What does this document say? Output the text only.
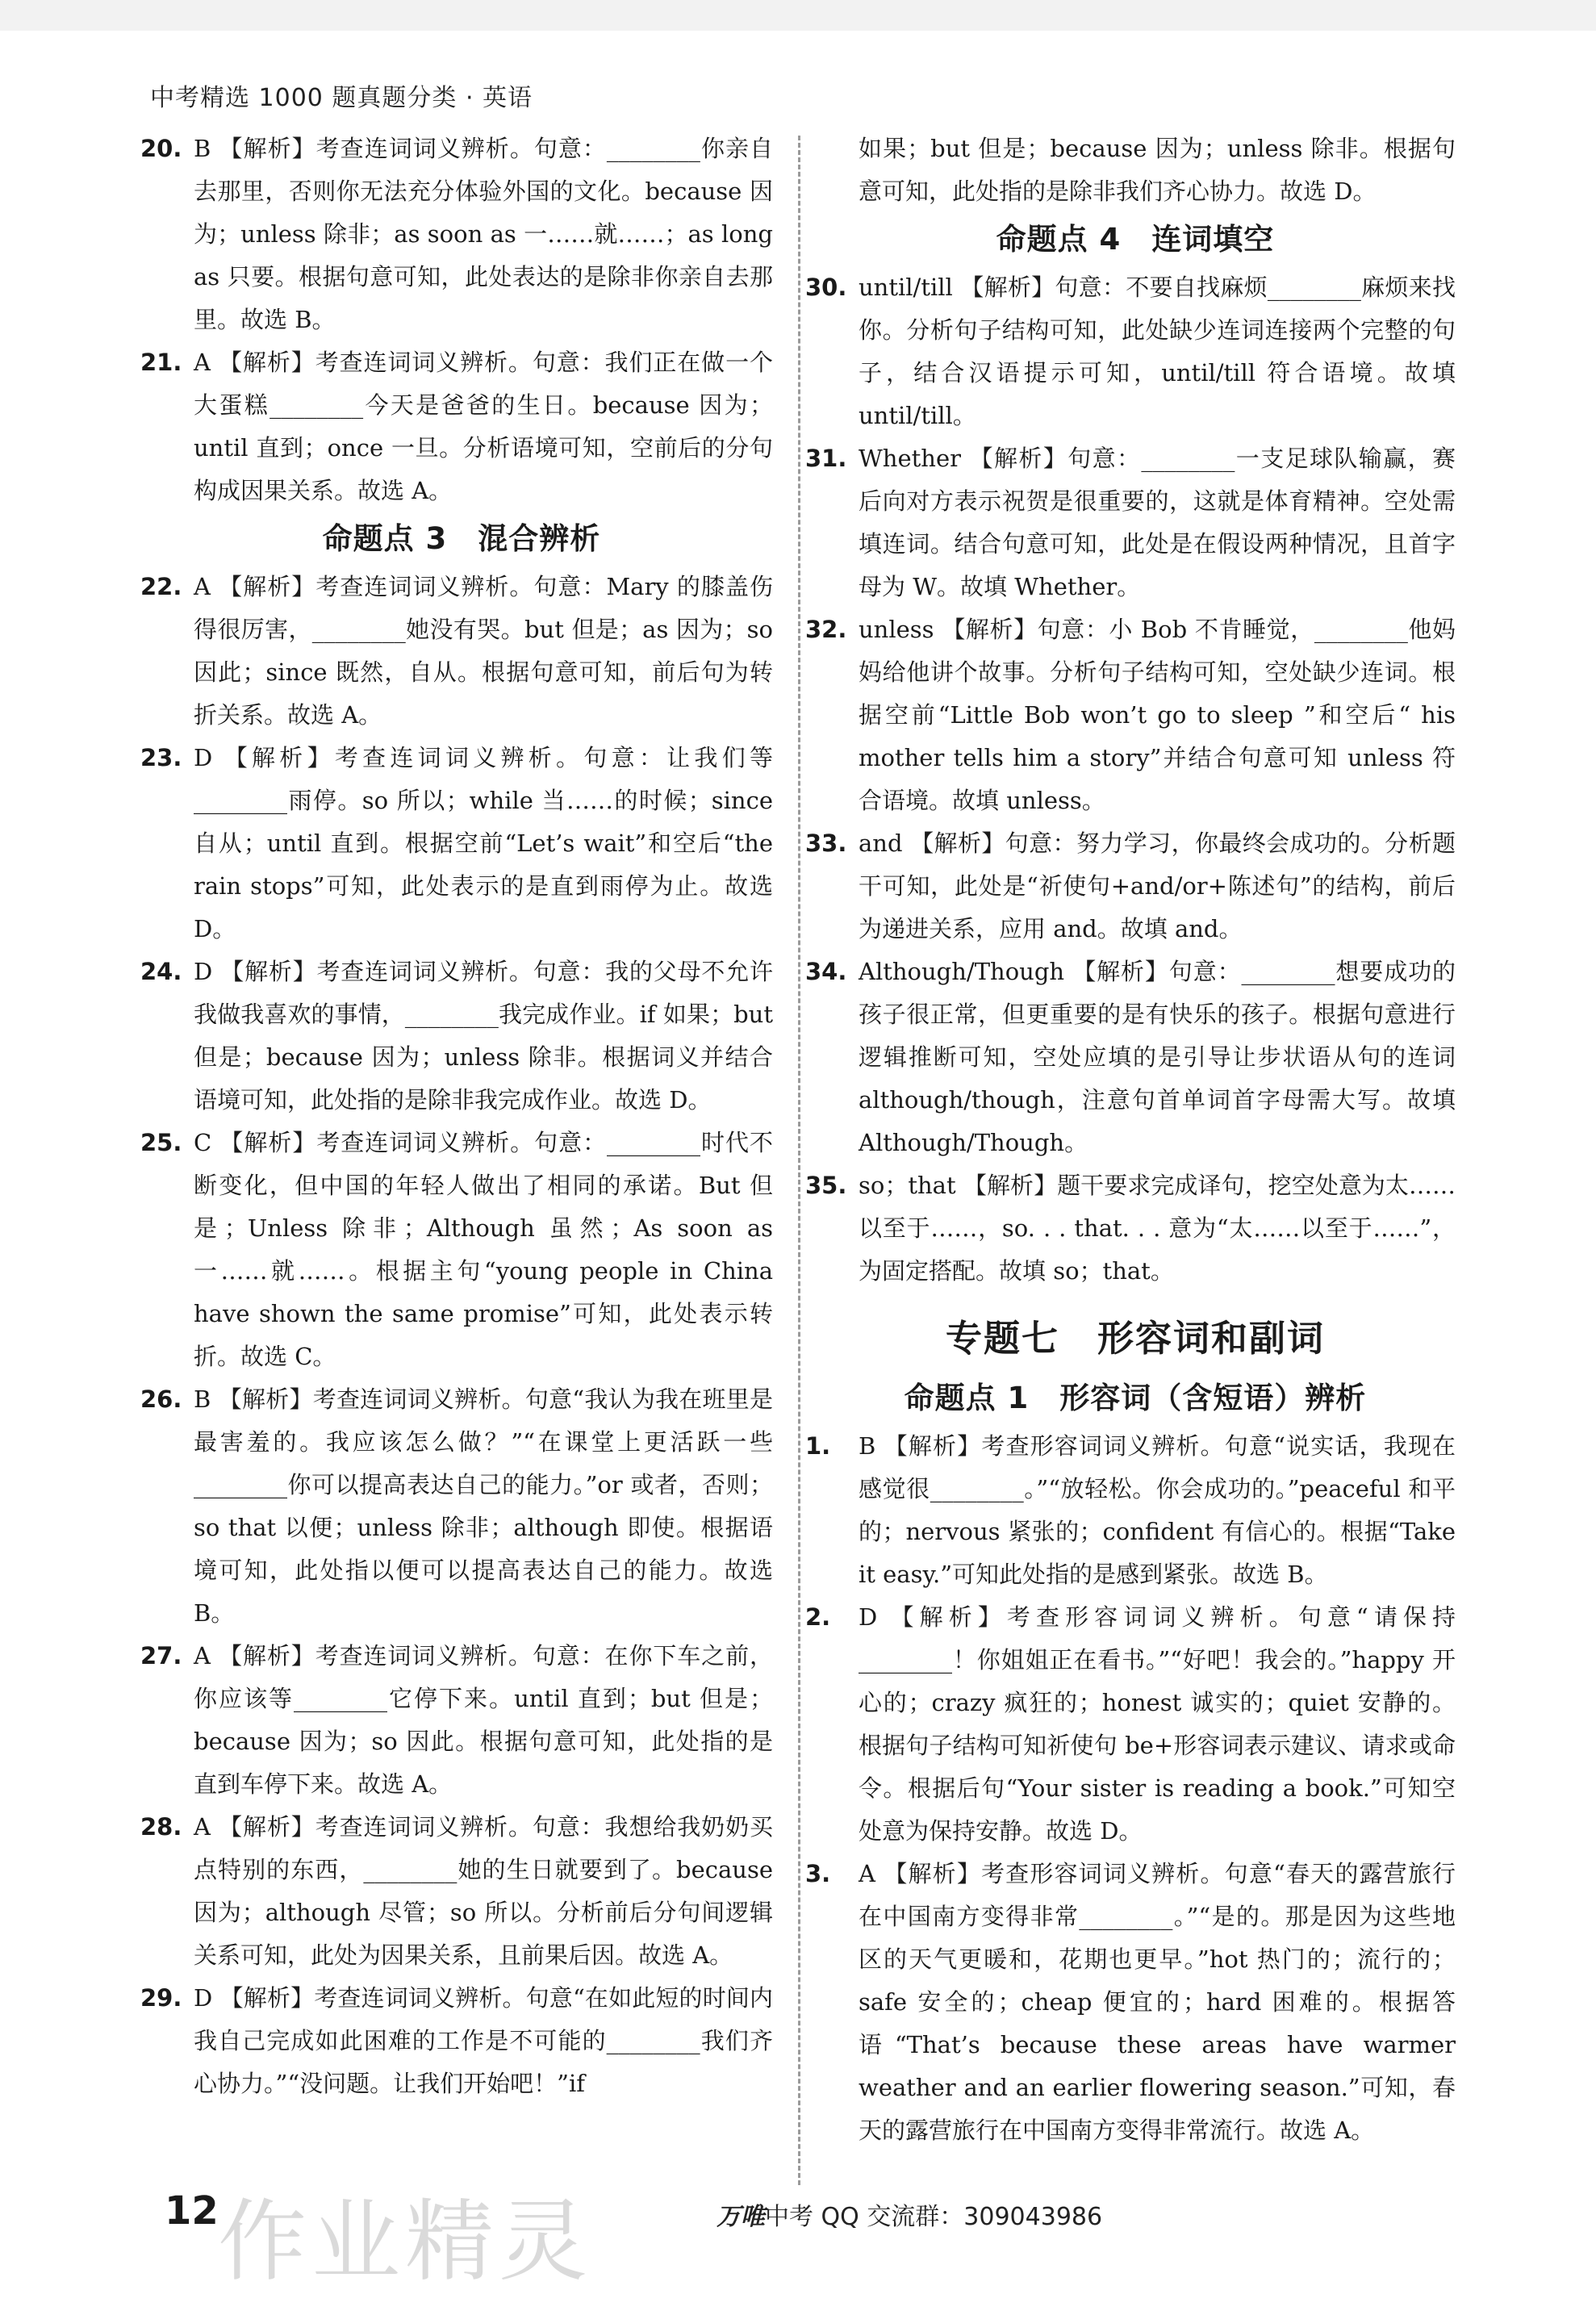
中考精选 1000 题真题分类 · 英语
20. B 【解析】考查连词词义辨析。句意：________你亲自去那里，否则你无法充分体验外国的文化。because 因为；unless 除非；as soon as 一……就……；as long as 只要。根据句意可知，此处表达的是除非你亲自去那里。故选 B。
21. A 【解析】考查连词词义辨析。句意：我们正在做一个大蛋糕________今天是爸爸的生日。because 因为；until 直到；once 一旦。分析语境可知，空前后的分句构成因果关系。故选 A。
命题点 3　混合辨析
22. A 【解析】考查连词词义辨析。句意：Mary 的膝盖伤得很厉害，________她没有哭。but 但是；as 因为；so 因此；since 既然，自从。根据句意可知，前后句为转折关系。故选 A。
23. D 【解析】考查连词词义辨析。句意：让我们等________雨停。so 所以；while 当……的时候；since 自从；until 直到。根据空前“Let’s wait”和空后“the rain stops”可知，此处表示的是直到雨停为止。故选 D。
24. D 【解析】考查连词词义辨析。句意：我的父母不允许我做我喜欢的事情，________我完成作业。if 如果；but 但是；because 因为；unless 除非。根据词义并结合语境可知，此处指的是除非我完成作业。故选 D。
25. C 【解析】考查连词词义辨析。句意：________时代不断变化，但中国的年轻人做出了相同的承诺。But 但是；Unless 除非；Although 虽然；As soon as 一……就……。根据主句“young people in China have shown the same promise”可知，此处表示转折。故选 C。
26. B 【解析】考查连词词义辨析。句意“我认为我在班里是最害羞的。我应该怎么做？”“在课堂上更活跃一些________你可以提高表达自己的能力。”or 或者，否则；so that 以便；unless 除非；although 即使。根据语境可知，此处指以便可以提高表达自己的能力。故选 B。
27. A 【解析】考查连词词义辨析。句意：在你下车之前，你应该等________它停下来。until 直到；but 但是；because 因为；so 因此。根据句意可知，此处指的是直到车停下来。故选 A。
28. A 【解析】考查连词词义辨析。句意：我想给我奶奶买点特别的东西，________她的生日就要到了。because 因为；although 尽管；so 所以。分析前后分句间逻辑关系可知，此处为因果关系，且前果后因。故选 A。
29. D 【解析】考查连词词义辨析。句意“在如此短的时间内我自己完成如此困难的工作是不可能的________我们齐心协力。”“没问题。让我们开始吧！”if
如果；but 但是；because 因为；unless 除非。根据句意可知，此处指的是除非我们齐心协力。故选 D。
命题点 4　连词填空
30. until/till 【解析】句意：不要自找麻烦________麻烦来找你。分析句子结构可知，此处缺少连词连接两个完整的句子，结合汉语提示可知，until/till 符合语境。故填 until/till。
31. Whether 【解析】句意：________一支足球队输赢，赛后向对方表示祝贺是很重要的，这就是体育精神。空处需填连词。结合句意可知，此处是在假设两种情况，且首字母为 W。故填 Whether。
32. unless 【解析】句意：小 Bob 不肯睡觉，________他妈妈给他讲个故事。分析句子结构可知，空处缺少连词。根据空前“Little Bob won’t go to sleep ”和空后“ his mother tells him a story”并结合句意可知 unless 符合语境。故填 unless。
33. and 【解析】句意：努力学习，你最终会成功的。分析题干可知，此处是“祈使句+and/or+陈述句”的结构，前后为递进关系，应用 and。故填 and。
34. Although/Though 【解析】句意：________想要成功的孩子很正常，但更重要的是有快乐的孩子。根据句意进行逻辑推断可知，空处应填的是引导让步状语从句的连词 although/though，注意句首单词首字母需大写。故填 Although/Though。
35. so；that 【解析】题干要求完成译句，挖空处意为太……以至于……，so. . . that. . . 意为“太……以至于……”，为固定搭配。故填 so；that。
专题七　形容词和副词
命题点 1　形容词（含短语）辨析
1. B 【解析】考查形容词词义辨析。句意“说实话，我现在感觉很________。”“放轻松。你会成功的。”peaceful 和平的；nervous 紧张的；confident 有信心的。根据“Take it easy.”可知此处指的是感到紧张。故选 B。
2. D 【解析】考查形容词词义辨析。句意“请保持________！你姐姐正在看书。”“好吧！我会的。”happy 开心的；crazy 疯狂的；honest 诚实的；quiet 安静的。根据句子结构可知祈使句 be+形容词表示建议、请求或命令。根据后句“Your sister is reading a book.”可知空处意为保持安静。故选 D。
3. A 【解析】考查形容词词义辨析。句意“春天的露营旅行在中国南方变得非常________。”“是的。那是因为这些地区的天气更暖和，花期也更早。”hot 热门的；流行的；safe 安全的；cheap 便宜的；hard 困难的。根据答语“That’s because these areas have warmer weather and an earlier flowering season.”可知，春天的露营旅行在中国南方变得非常流行。故选 A。
作业精灵
12	万唯中考 QQ 交流群：309043986
